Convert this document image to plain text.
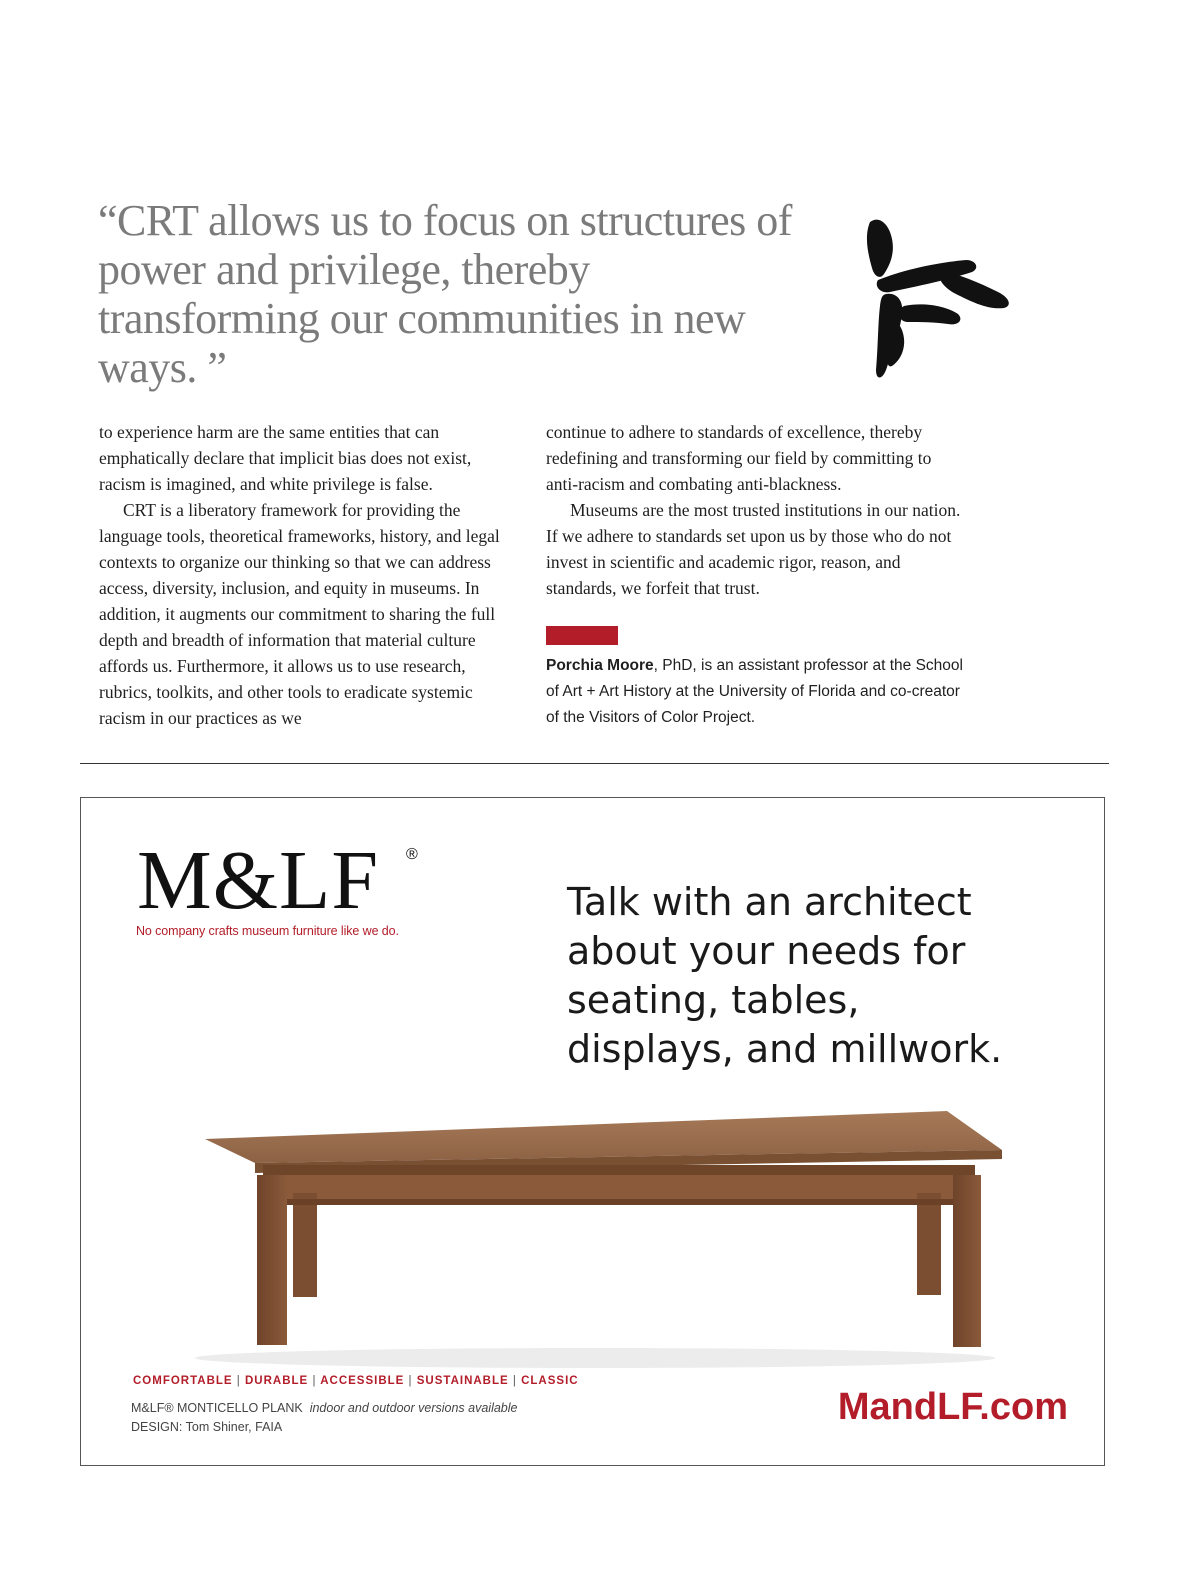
“CRT allows us to focus on structures of power and privilege, thereby transforming our communities in new ways. ”

to experience harm are the same entities that can emphatically declare that implicit bias does not exist, racism is imagined, and white privilege is false.

CRT is a liberatory framework for providing the language tools, theoretical frameworks, history, and legal contexts to organize our thinking so that we can address access, diversity, inclusion, and equity in museums. In addition, it augments our commitment to sharing the full depth and breadth of information that material culture affords us. Furthermore, it allows us to use research, rubrics, toolkits, and other tools to eradicate systemic racism in our practices as we

continue to adhere to standards of excellence, thereby redefining and transforming our field by committing to anti-racism and combating anti-blackness.

Museums are the most trusted institutions in our nation. If we adhere to standards set upon us by those who do not invest in scientific and academic rigor, reason, and standards, we forfeit that trust.

Porchia Moore, PhD, is an assistant professor at the School of Art + Art History at the University of Florida and co-creator of the Visitors of Color Project.
M&LF ®
No company crafts museum furniture like we do.
Talk with an architect about your needs for seating, tables, displays, and millwork.
COMFORTABLE | DURABLE | ACCESSIBLE | SUSTAINABLE | CLASSIC
M&LF® MONTICELLO PLANK indoor and outdoor versions available
DESIGN: Tom Shiner, FAIA	MandLF.com
